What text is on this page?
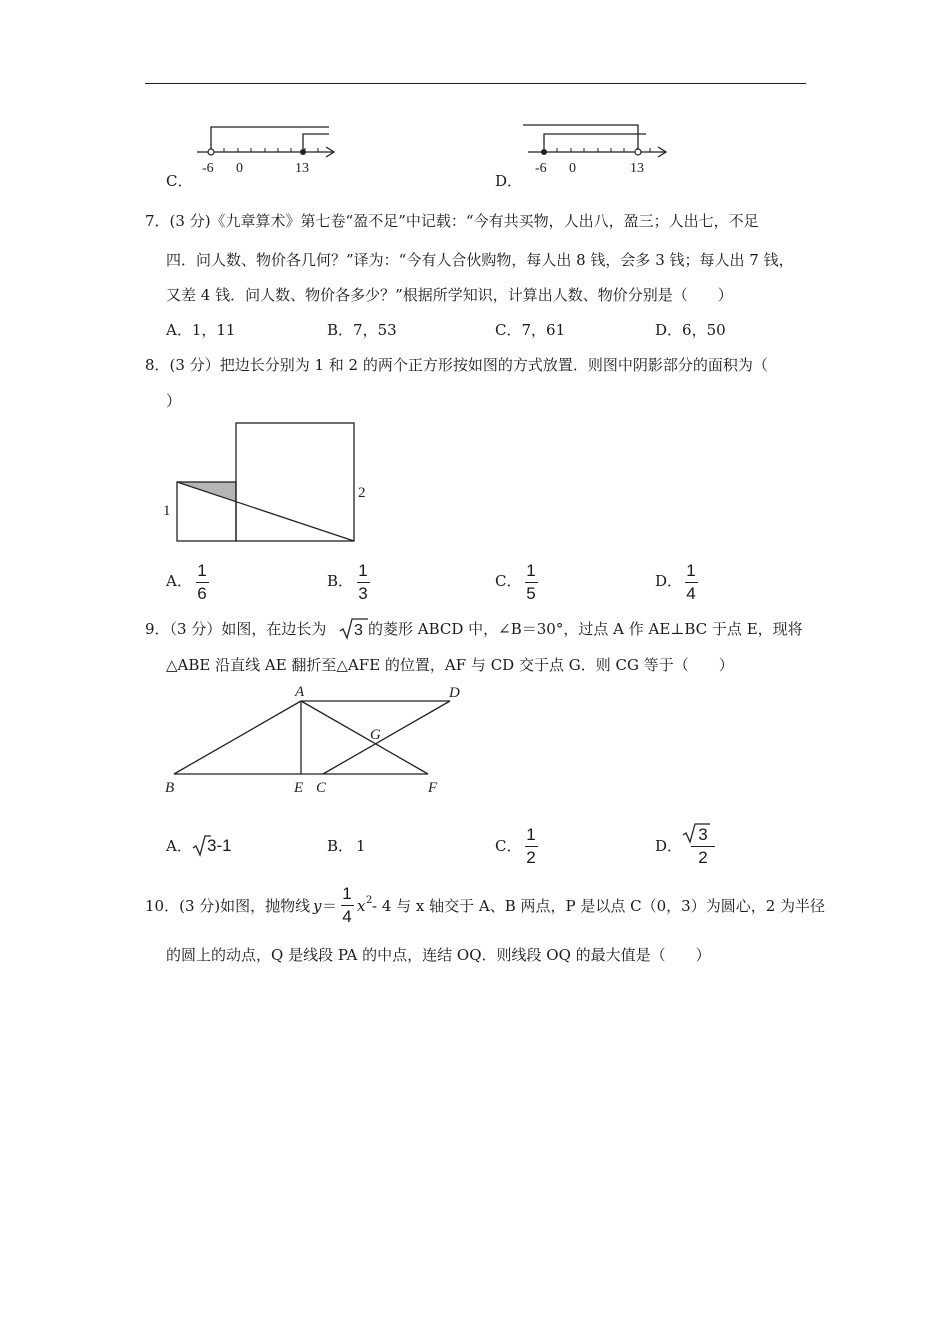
-6 0	13
C．
-6 0	13
D．
7．(3 分)《九章算术》第七卷“盈不足”中记载：“今有共买物，人出八，盈三；人出七，不足
四．问人数、物价各几何？”译为：“今有人合伙购物，每人出 8 钱，会多 3 钱；每人出 7 钱，
又差 4 钱．问人数、物价各多少？”根据所学知识，计算出人数、物价分别是（　　）
A．1，11	B．7，53	C．7，61	D．6，50
8．(3 分）把边长分别为 1 和 2 的两个正方形按如图的方式放置．则图中阴影部分的面积为（
）
1
2
A．
1
6
B．
1
3
C．
1
5
D．
1
4
9．（3 分）如图，在边长为 3 的菱形 ABCD 中，∠B＝30°，过点 A 作 AE⊥BC 于点 E，现将
△ABE 沿直线 AE 翻折至△AFE 的位置，AF 与 CD 交于点 G．则 CG 等于（　　）
A	D
G
B	E C	F
A． 3-1	B． 1	C．
1
2
D．
3
2
10．(3 分)如图，抛物线 y ＝
1
4
x 2 - 4 与 x 轴交于 A、B 两点，P 是以点 C（0，3）为圆心，2 为半径
的圆上的动点，Q 是线段 PA 的中点，连结 OQ．则线段 OQ 的最大值是（　　）
